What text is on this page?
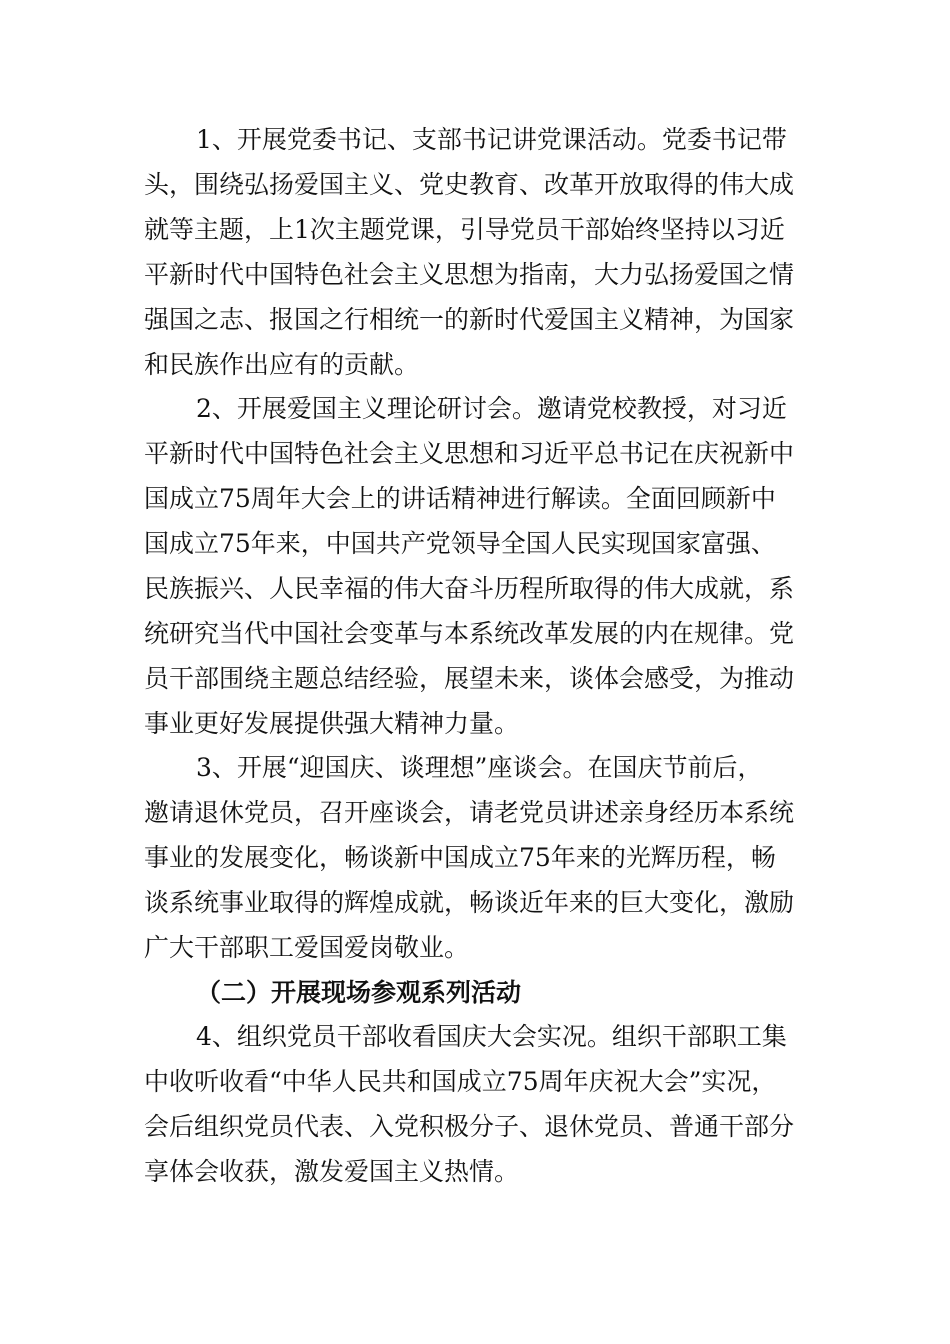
1、开展党委书记、支部书记讲党课活动。党委书记带
头，围绕弘扬爱国主义、党史教育、改革开放取得的伟大成
就等主题，上1次主题党课，引导党员干部始终坚持以习近
平新时代中国特色社会主义思想为指南，大力弘扬爱国之情
强国之志、报国之行相统一的新时代爱国主义精神，为国家
和民族作出应有的贡献。
2、开展爱国主义理论研讨会。邀请党校教授，对习近
平新时代中国特色社会主义思想和习近平总书记在庆祝新中
国成立75周年大会上的讲话精神进行解读。全面回顾新中
国成立75年来，中国共产党领导全国人民实现国家富强、
民族振兴、人民幸福的伟大奋斗历程所取得的伟大成就，系
统研究当代中国社会变革与本系统改革发展的内在规律。党
员干部围绕主题总结经验，展望未来，谈体会感受，为推动
事业更好发展提供强大精神力量。
3、开展“迎国庆、谈理想”座谈会。在国庆节前后，
邀请退休党员，召开座谈会，请老党员讲述亲身经历本系统
事业的发展变化，畅谈新中国成立75年来的光辉历程，畅
谈系统事业取得的辉煌成就，畅谈近年来的巨大变化，激励
广大干部职工爱国爱岗敬业。
（二）开展现场参观系列活动
4、组织党员干部收看国庆大会实况。组织干部职工集
中收听收看“中华人民共和国成立75周年庆祝大会”实况，
会后组织党员代表、入党积极分子、退休党员、普通干部分
享体会收获，激发爱国主义热情。
